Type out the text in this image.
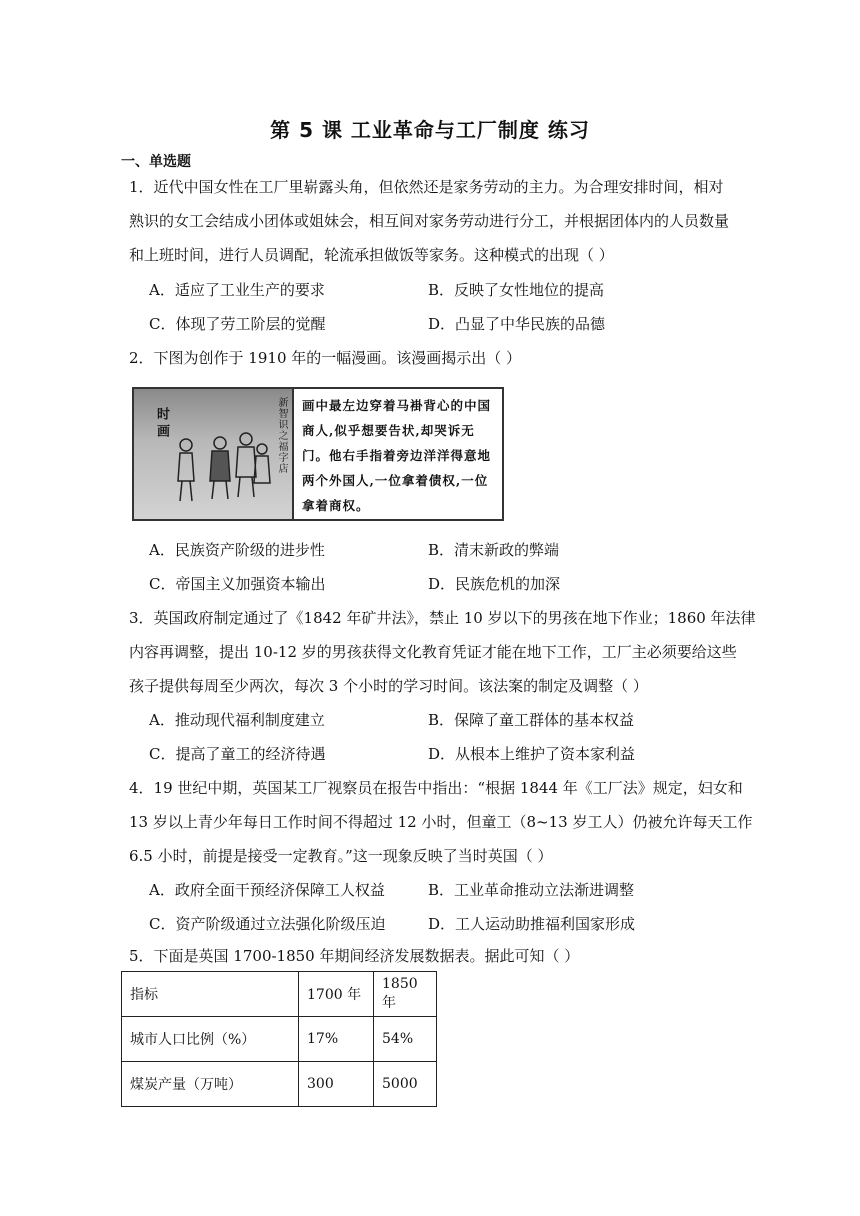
第 5 课 工业革命与工厂制度 练习
一、单选题
1．近代中国女性在工厂里崭露头角，但依然还是家务劳动的主力。为合理安排时间，相对
熟识的女工会结成小团体或姐妹会，相互间对家务劳动进行分工，并根据团体内的人员数量
和上班时间，进行人员调配，轮流承担做饭等家务。这种模式的出现（ ）
A．适应了工业生产的要求	B．反映了女性地位的提高
C．体现了劳工阶层的觉醒	D．凸显了中华民族的品德
2．下图为创作于 1910 年的一幅漫画。该漫画揭示出（ ）
时画	新智识之福字店	画中最左边穿着马褂背心的中国商人,似乎想要告状,却哭诉无门。他右手指着旁边洋洋得意地两个外国人,一位拿着债权,一位拿着商权。
A．民族资产阶级的进步性	B．清末新政的弊端
C．帝国主义加强资本输出	D．民族危机的加深
3．英国政府制定通过了《1842 年矿井法》，禁止 10 岁以下的男孩在地下作业；1860 年法律
内容再调整，提出 10-12 岁的男孩获得文化教育凭证才能在地下工作，工厂主必须要给这些
孩子提供每周至少两次，每次 3 个小时的学习时间。该法案的制定及调整（ ）
A．推动现代福利制度建立	B．保障了童工群体的基本权益
C．提高了童工的经济待遇	D．从根本上维护了资本家利益
4．19 世纪中期，英国某工厂视察员在报告中指出：“根据 1844 年《工厂法》规定，妇女和
13 岁以上青少年每日工作时间不得超过 12 小时，但童工（8~13 岁工人）仍被允许每天工作
6.5 小时，前提是接受一定教育。”这一现象反映了当时英国（ ）
A．政府全面干预经济保障工人权益	B．工业革命推动立法渐进调整
C．资产阶级通过立法强化阶级压迫	D．工人运动助推福利国家形成
5．下面是英国 1700-1850 年期间经济发展数据表。据此可知（ ）
指标	1700 年	1850 年
城市人口比例（%）	17%	54%
煤炭产量（万吨）	300	5000
